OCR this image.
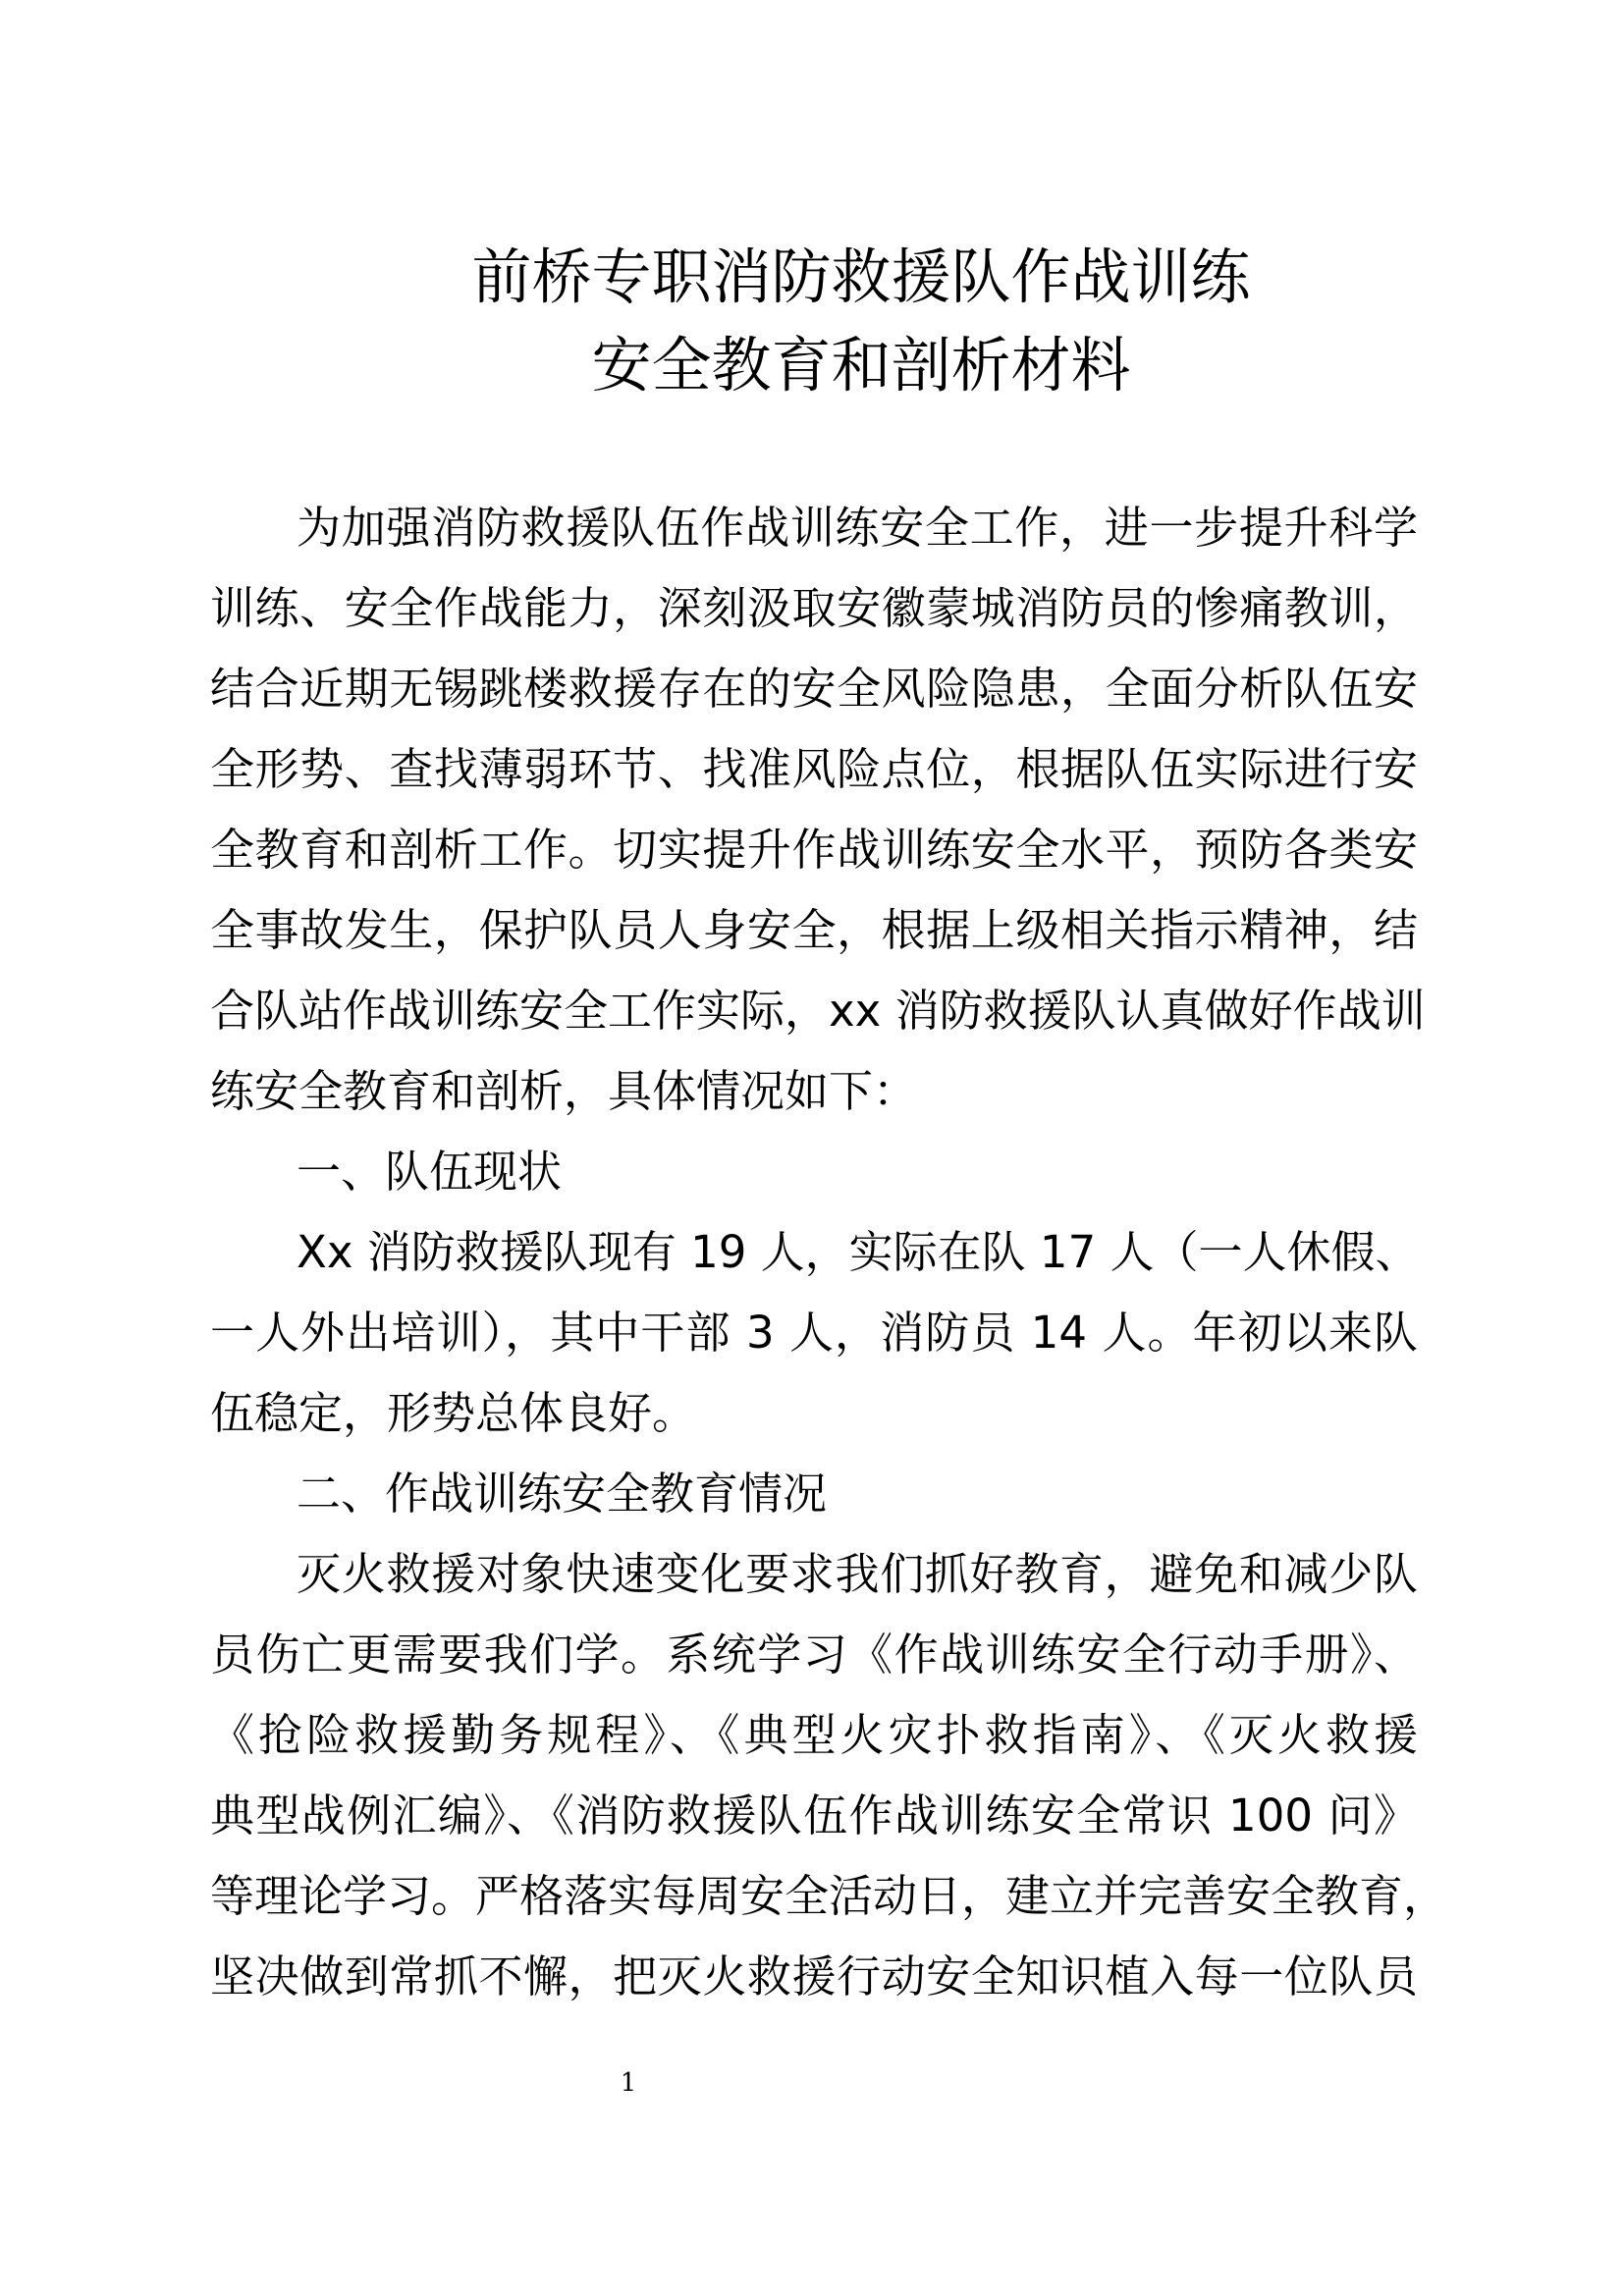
前桥专职消防救援队作战训练
安全教育和剖析材料
为加强消防救援队伍作战训练安全工作，进一步提升科学
训练、安全作战能力，深刻汲取安徽蒙城消防员的惨痛教训，
结合近期无锡跳楼救援存在的安全风险隐患，全面分析队伍安
全形势、查找薄弱环节、找准风险点位，根据队伍实际进行安
全教育和剖析工作。切实提升作战训练安全水平，预防各类安
全事故发生，保护队员人身安全，根据上级相关指示精神，结
合队站作战训练安全工作实际，xx 消防救援队认真做好作战训
练安全教育和剖析，具体情况如下：
一、队伍现状
Xx 消防救援队现有 19 人，实际在队 17 人（一人休假、
一人外出培训），其中干部 3 人，消防员 14 人。年初以来队
伍稳定，形势总体良好。
二、作战训练安全教育情况
灭火救援对象快速变化要求我们抓好教育，避免和减少队
员伤亡更需要我们学。系统学习《作战训练安全行动手册》、
《抢险救援勤务规程》、《典型火灾扑救指南》、《灭火救援
典型战例汇编》、《消防救援队伍作战训练安全常识 100 问》
等理论学习。严格落实每周安全活动日，建立并完善安全教育，
坚决做到常抓不懈，把灭火救援行动安全知识植入每一位队员
1
